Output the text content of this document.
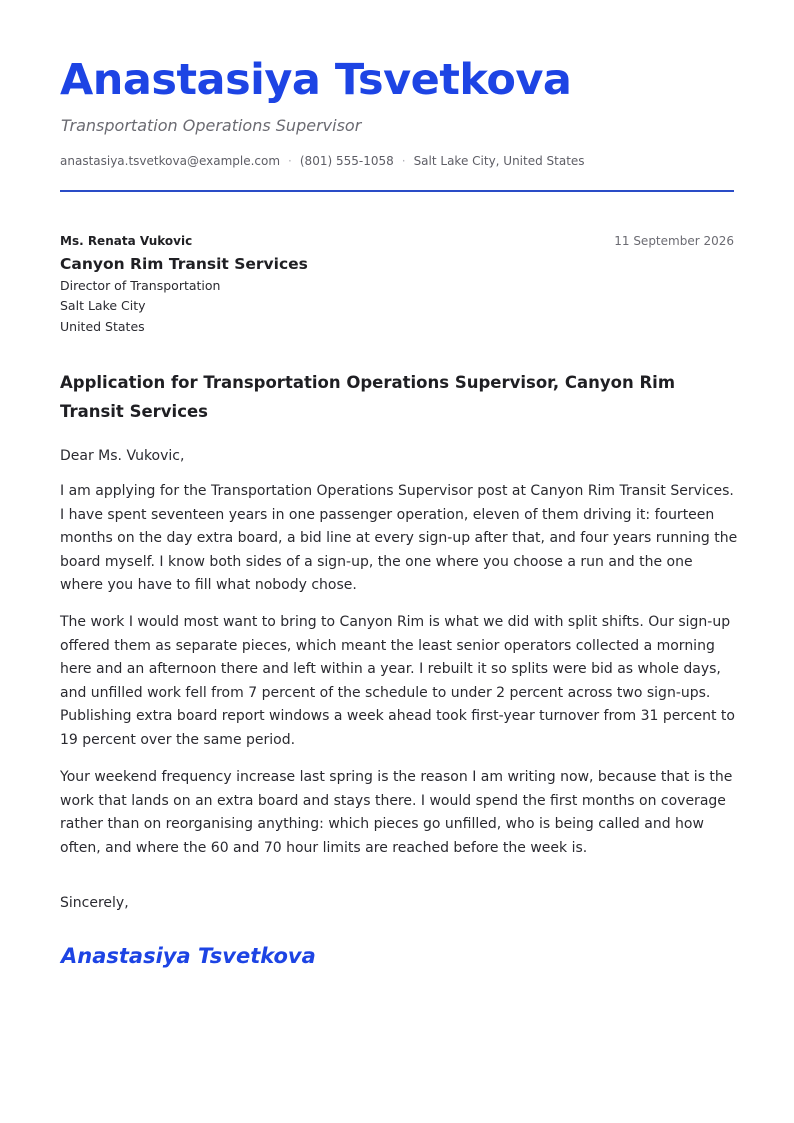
Anastasiya Tsvetkova
Transportation Operations Supervisor
anastasiya.tsvetkova@example.com · (801) 555-1058 · Salt Lake City, United States
Ms. Renata Vukovic	11 September 2026
Canyon Rim Transit Services
Director of Transportation
Salt Lake City
United States
Application for Transportation Operations Supervisor, Canyon Rim Transit Services
Dear Ms. Vukovic,

I am applying for the Transportation Operations Supervisor post at Canyon Rim Transit Services. I have spent seventeen years in one passenger operation, eleven of them driving it: fourteen months on the day extra board, a bid line at every sign-up after that, and four years running the board myself. I know both sides of a sign-up, the one where you choose a run and the one where you have to fill what nobody chose.

The work I would most want to bring to Canyon Rim is what we did with split shifts. Our sign-up offered them as separate pieces, which meant the least senior operators collected a morning here and an afternoon there and left within a year. I rebuilt it so splits were bid as whole days, and unfilled work fell from 7 percent of the schedule to under 2 percent across two sign-ups. Publishing extra board report windows a week ahead took first-year turnover from 31 percent to 19 percent over the same period.

Your weekend frequency increase last spring is the reason I am writing now, because that is the work that lands on an extra board and stays there. I would spend the first months on coverage rather than on reorganising anything: which pieces go unfilled, who is being called and how often, and where the 60 and 70 hour limits are reached before the week is.

Sincerely,
Anastasiya Tsvetkova
